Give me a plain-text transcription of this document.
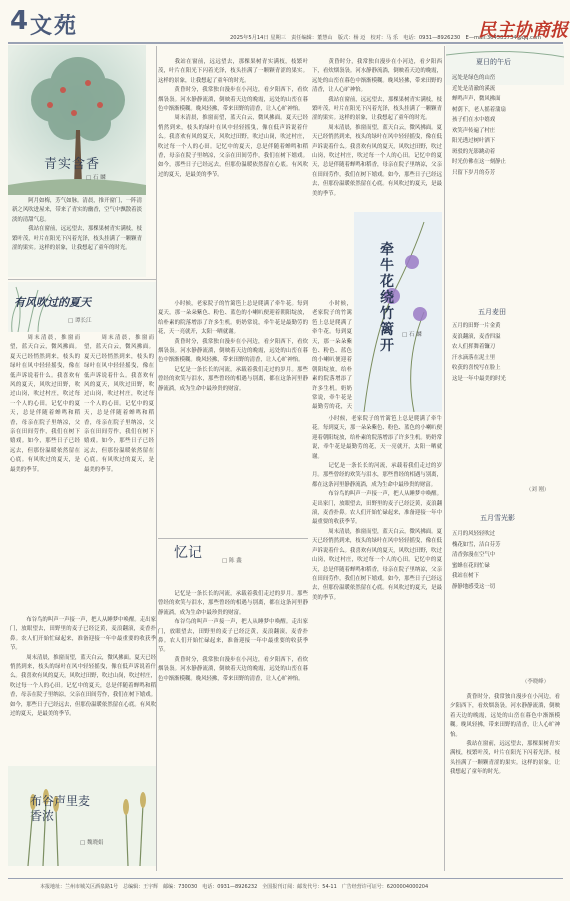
4 文苑	2025年5月14日 星期三　责任编辑：董慧山　版式：杨 迈　校对：马 乐　电话：0931—8926230　E—mail:364583734@qq.com
民主协商报
青实含香
□ 石 麟

　阿月如梅，芳气如脉。清晨，推开窗门，一阵清新之风吹进屋来，带来了青实的幽香，空气中飘散着淡淡的清甜气息。

　我站在窗前，远远望去，那棵果树青实满枝，枝繁叶茂，叶片在阳光下闪着光泽，枝头挂满了一颗颗青涩的果实。这样的景象，让我想起了童年的时光。

有风吹过的夏天
□ 谭长江

　周末清晨，推窗而望，蓝天白云，微风拂面。夏天已经悄然到来，枝头的绿叶在风中轻轻摇曳，像在低声诉说着什么。我喜欢有风的夏天，风吹过田野，吹过山岗，吹过村庄，吹过每一个人的心田。记忆中的夏天，总是伴随着蝉鸣和稻香，母亲在院子里纳凉，父亲在田间劳作，我们在树下嬉戏。如今，那些日子已经远去，但那份温暖依然留在心底。有风吹过的夏天，是最美的季节。

　周末清晨，推窗而望，蓝天白云，微风拂面。夏天已经悄然到来，枝头的绿叶在风中轻轻摇曳，像在低声诉说着什么。我喜欢有风的夏天，风吹过田野，吹过山岗，吹过村庄，吹过每一个人的心田。记忆中的夏天，总是伴随着蝉鸣和稻香，母亲在院子里纳凉，父亲在田间劳作，我们在树下嬉戏。如今，那些日子已经远去，但那份温暖依然留在心底。有风吹过的夏天，是最美的季节。

　布谷鸟的叫声一声接一声，把人从睡梦中唤醒。走出家门，放眼望去，田野里的麦子已经泛黄，麦浪翻滚，麦香扑鼻。农人们开始忙碌起来，准备迎接一年中最重要的收获季节。

　周末清晨，推窗而望，蓝天白云，微风拂面。夏天已经悄然到来，枝头的绿叶在风中轻轻摇曳，像在低声诉说着什么。我喜欢有风的夏天，风吹过田野，吹过山岗，吹过村庄，吹过每一个人的心田。记忆中的夏天，总是伴随着蝉鸣和稻香，母亲在院子里纳凉，父亲在田间劳作，我们在树下嬉戏。如今，那些日子已经远去，但那份温暖依然留在心底。有风吹过的夏天，是最美的季节。

布谷声里麦香浓
□ 魏晓娟

　我站在窗前，远远望去，那棵果树青实满枝，枝繁叶茂，叶片在阳光下闪着光泽，枝头挂满了一颗颗青涩的果实。这样的景象，让我想起了童年的时光。

　黄昏时分，我常独自漫步在小河边，看夕阳西下，看炊烟袅袅。河水静静流淌，倒映着天边的晚霞，远处的山峦在暮色中渐渐模糊。晚风轻拂，带来田野的清香，让人心旷神怡。

　周末清晨，推窗而望，蓝天白云，微风拂面。夏天已经悄然到来，枝头的绿叶在风中轻轻摇曳，像在低声诉说着什么。我喜欢有风的夏天，风吹过田野，吹过山岗，吹过村庄，吹过每一个人的心田。记忆中的夏天，总是伴随着蝉鸣和稻香，母亲在院子里纳凉，父亲在田间劳作，我们在树下嬉戏。如今，那些日子已经远去，但那份温暖依然留在心底。有风吹过的夏天，是最美的季节。

　黄昏时分，我常独自漫步在小河边，看夕阳西下，看炊烟袅袅。河水静静流淌，倒映着天边的晚霞，远处的山峦在暮色中渐渐模糊。晚风轻拂，带来田野的清香，让人心旷神怡。

　我站在窗前，远远望去，那棵果树青实满枝，枝繁叶茂，叶片在阳光下闪着光泽，枝头挂满了一颗颗青涩的果实。这样的景象，让我想起了童年的时光。

　周末清晨，推窗而望，蓝天白云，微风拂面。夏天已经悄然到来，枝头的绿叶在风中轻轻摇曳，像在低声诉说着什么。我喜欢有风的夏天，风吹过田野，吹过山岗，吹过村庄，吹过每一个人的心田。记忆中的夏天，总是伴随着蝉鸣和稻香，母亲在院子里纳凉，父亲在田间劳作，我们在树下嬉戏。如今，那些日子已经远去，但那份温暖依然留在心底。有风吹过的夏天，是最美的季节。

牵牛花绕竹篱开
□ 石 麟
忆记	□ 陈 鑫

　小时候，老家院子的竹篱笆上总是爬满了牵牛花。每到夏天，那一朵朵紫色、粉色、蓝色的小喇叭便迎着朝阳绽放，给朴素的院落增添了许多生机。奶奶常说，牵牛花是最勤劳的花，天一亮就开，太阳一晒就谢。

　黄昏时分，我常独自漫步在小河边，看夕阳西下，看炊烟袅袅。河水静静流淌，倒映着天边的晚霞，远处的山峦在暮色中渐渐模糊。晚风轻拂，带来田野的清香，让人心旷神怡。

　记忆是一条长长的河流，承载着我们走过的岁月。那些曾经的欢笑与泪水，那些曾经的相遇与别离，都在这条河里静静流淌，成为生命中最珍贵的财富。

　小时候，老家院子的竹篱笆上总是爬满了牵牛花。每到夏天，那一朵朵紫色、粉色、蓝色的小喇叭便迎着朝阳绽放，给朴素的院落增添了许多生机。奶奶常说，牵牛花是最勤劳的花，天

　记忆是一条长长的河流，承载着我们走过的岁月。那些曾经的欢笑与泪水，那些曾经的相遇与别离，都在这条河里静静流淌，成为生命中最珍贵的财富。

　布谷鸟的叫声一声接一声，把人从睡梦中唤醒。走出家门，放眼望去，田野里的麦子已经泛黄，麦浪翻滚，麦香扑鼻。农人们开始忙碌起来，准备迎接一年中最重要的收获季节。

　黄昏时分，我常独自漫步在小河边，看夕阳西下，看炊烟袅袅。河水静静流淌，倒映着天边的晚霞，远处的山峦在暮色中渐渐模糊。晚风轻拂，带来田野的清香，让人心旷神怡。

　小时候，老家院子的竹篱笆上总是爬满了牵牛花。每到夏天，那一朵朵紫色、粉色、蓝色的小喇叭便迎着朝阳绽放，给朴素的院落增添了许多生机。奶奶常说，牵牛花是最勤劳的花，天一亮就开，太阳一晒就谢。

　记忆是一条长长的河流，承载着我们走过的岁月。那些曾经的欢笑与泪水，那些曾经的相遇与别离，都在这条河里静静流淌，成为生命中最珍贵的财富。

　布谷鸟的叫声一声接一声，把人从睡梦中唤醒。走出家门，放眼望去，田野里的麦子已经泛黄，麦浪翻滚，麦香扑鼻。农人们开始忙碌起来，准备迎接一年中最重要的收获季节。

　周末清晨，推窗而望，蓝天白云，微风拂面。夏天已经悄然到来，枝头的绿叶在风中轻轻摇曳，像在低声诉说着什么。我喜欢有风的夏天，风吹过田野，吹过山岗，吹过村庄，吹过每一个人的心田。记忆中的夏天，总是伴随着蝉鸣和稻香，母亲在院子里纳凉，父亲在田间劳作，我们在树下嬉戏。如今，那些日子已经远去，但那份温暖依然留在心底。有风吹过的夏天，是最美的季节。

夏日的午后
远处是绿色的山峦
近处是清澈的溪流
蝉鸣声声，微风拂面
树荫下，老人摇着蒲扇
孩子们在水中嬉戏
欢笑声传遍了村庄
阳光透过树叶洒下
斑驳的光影跳动着
时光仿佛在这一刻静止
只留下岁月的芬芳
五月麦田
五月的田野一片金黄
麦浪翻滚，麦香四溢
农人们挥舞着镰刀
汗水滴落在泥土里
收获的喜悦写在脸上
这是一年中最美的时光
（刘 刚）
五月雪光影
五月的风轻轻吹过
槐花如雪，洁白芬芳
清香弥漫在空气中
蜜蜂在花间忙碌
我站在树下
静静地感受这一切
（李晓峰）

　黄昏时分，我常独自漫步在小河边，看夕阳西下，看炊烟袅袅。河水静静流淌，倒映着天边的晚霞，远处的山峦在暮色中渐渐模糊。晚风轻拂，带来田野的清香，让人心旷神怡。

　我站在窗前，远远望去，那棵果树青实满枝，枝繁叶茂，叶片在阳光下闪着光泽，枝头挂满了一颗颗青涩的果实。这样的景象，让我想起了童年的时光。

本报地址：兰州市城关区酒泉路1号　总编辑：王宇辉　邮编：730030　电话：0931—8926232　全国报刊订阅：邮发代号：54-11　广告经营许可证号：6200004000204
